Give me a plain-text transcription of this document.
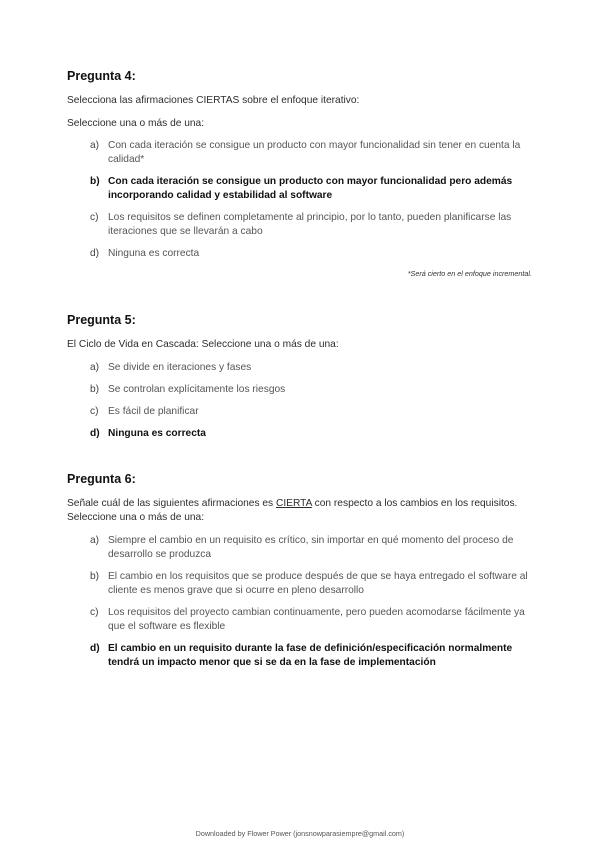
Pregunta 4:
Selecciona las afirmaciones CIERTAS sobre el enfoque iterativo:
Seleccione una o más de una:
a) Con cada iteración se consigue un producto con mayor funcionalidad sin tener en cuenta la calidad*
b) Con cada iteración se consigue un producto con mayor funcionalidad pero además incorporando calidad y estabilidad al software
c) Los requisitos se definen completamente al principio, por lo tanto, pueden planificarse las iteraciones que se llevarán a cabo
d) Ninguna es correcta
*Será cierto en el enfoque incremental.
Pregunta 5:
El Ciclo de Vida en Cascada: Seleccione una o más de una:
a) Se divide en iteraciones y fases
b) Se controlan explícitamente los riesgos
c) Es fácil de planificar
d) Ninguna es correcta
Pregunta 6:
Señale cuál de las siguientes afirmaciones es CIERTA con respecto a los cambios en los requisitos. Seleccione una o más de una:
a) Siempre el cambio en un requisito es crítico, sin importar en qué momento del proceso de desarrollo se produzca
b) El cambio en los requisitos que se produce después de que se haya entregado el software al cliente es menos grave que si ocurre en pleno desarrollo
c) Los requisitos del proyecto cambian continuamente, pero pueden acomodarse fácilmente ya que el software es flexible
d) El cambio en un requisito durante la fase de definición/especificación normalmente tendrá un impacto menor que si se da en la fase de implementación
Downloaded by Flower Power (jonsnowparasiempre@gmail.com)
